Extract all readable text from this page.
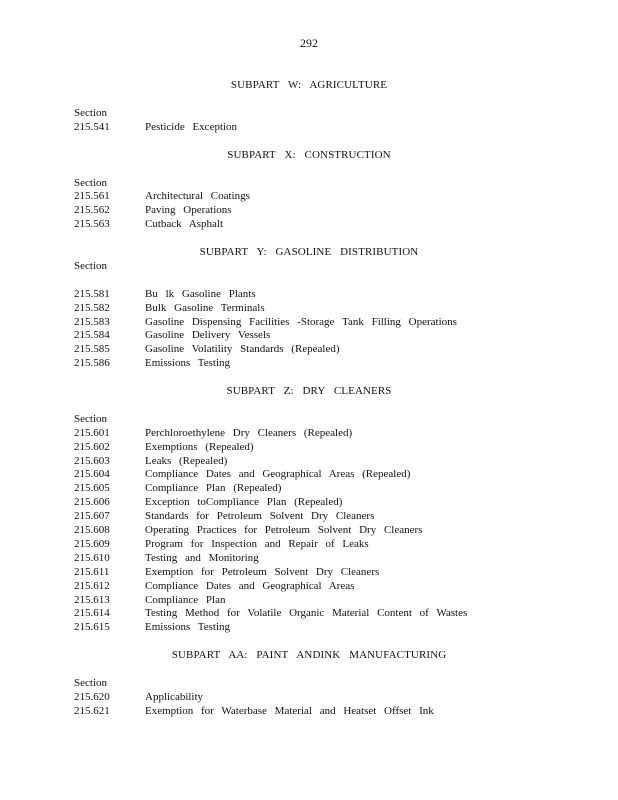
292
SUBPART W: AGRICULTURE
Section
215.541	Pesticide Exception
SUBPART X: CONSTRUCTION
Section
215.561	Architectural Coatings
215.562	Paving Operations
215.563	Cutback Asphalt
SUBPART Y: GASOLINE DISTRIBUTION
Section
215.581	Bu lk Gasoline Plants
215.582	Bulk Gasoline Terminals
215.583	Gasoline Dispensing Facilities -Storage Tank Filling Operations
215.584	Gasoline Delivery Vessels
215.585	Gasoline Volatility Standards (Repealed)
215.586	Emissions Testing
SUBPART Z: DRY CLEANERS
Section
215.601	Perchloroethylene Dry Cleaners (Repealed)
215.602	Exemptions (Repealed)
215.603	Leaks (Repealed)
215.604	Compliance Dates and Geographical Areas (Repealed)
215.605	Compliance Plan (Repealed)
215.606	Exception toCompliance Plan (Repealed)
215.607	Standards for Petroleum Solvent Dry Cleaners
215.608	Operating Practices for Petroleum Solvent Dry Cleaners
215.609	Program for Inspection and Repair of Leaks
215.610	Testing and Monitoring
215.611	Exemption for Petroleum Solvent Dry Cleaners
215.612	Compliance Dates and Geographical Areas
215.613	Compliance Plan
215.614	Testing Method for Volatile Organic Material Content of Wastes
215.615	Emissions Testing
SUBPART AA: PAINT ANDINK MANUFACTURING
Section
215.620	Applicability
215.621	Exemption for Waterbase Material and Heatset Offset Ink
